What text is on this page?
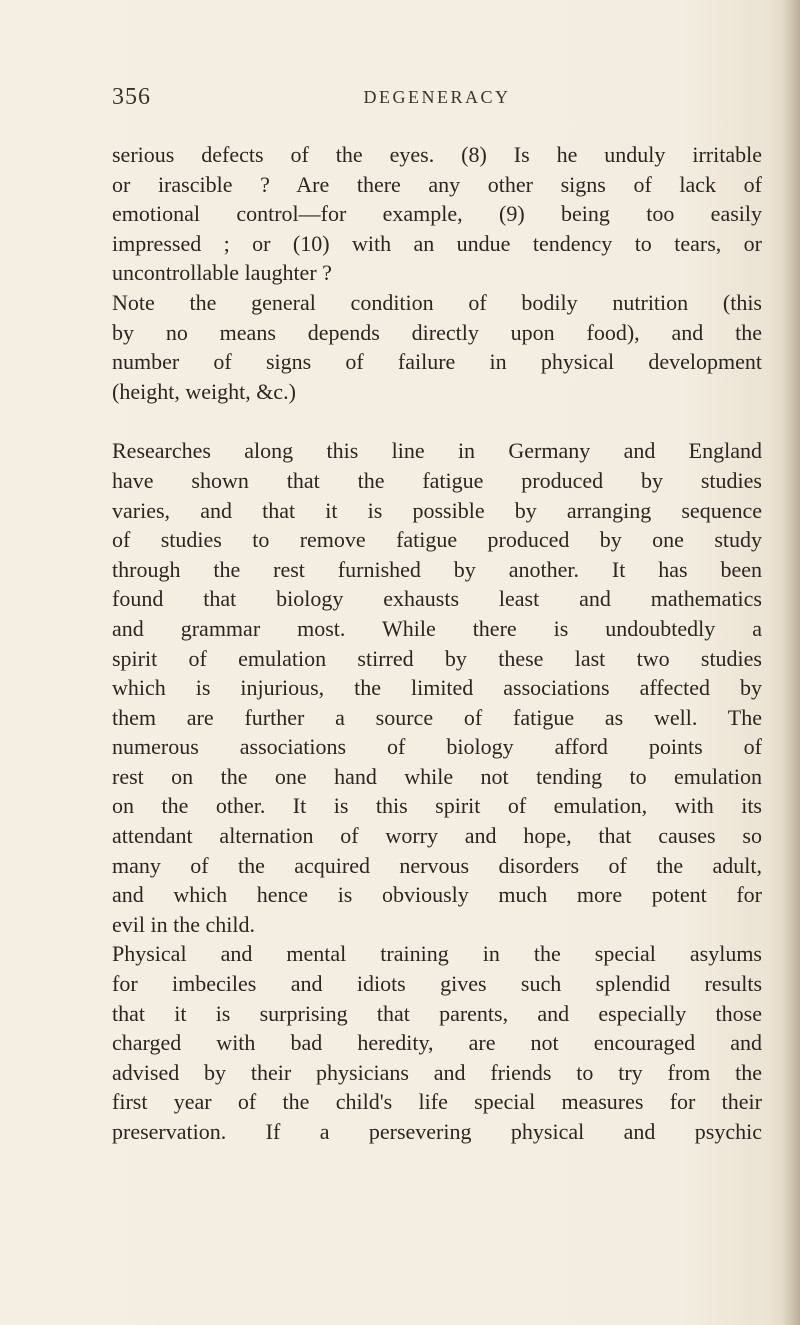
356	DEGENERACY
serious defects of the eyes. (8) Is he unduly irritable
or irascible ? Are there any other signs of lack of
emotional control—for example, (9) being too easily
impressed ; or (10) with an undue tendency to tears, or
uncontrollable laughter ?
Note the general condition of bodily nutrition (this
by no means depends directly upon food), and the
number of signs of failure in physical development
(height, weight, &c.)
Researches along this line in Germany and England
have shown that the fatigue produced by studies
varies, and that it is possible by arranging sequence
of studies to remove fatigue produced by one study
through the rest furnished by another. It has been
found that biology exhausts least and mathematics
and grammar most. While there is undoubtedly a
spirit of emulation stirred by these last two studies
which is injurious, the limited associations affected by
them are further a source of fatigue as well. The
numerous associations of biology afford points of
rest on the one hand while not tending to emulation
on the other. It is this spirit of emulation, with its
attendant alternation of worry and hope, that causes so
many of the acquired nervous disorders of the adult,
and which hence is obviously much more potent for
evil in the child.
Physical and mental training in the special asylums
for imbeciles and idiots gives such splendid results
that it is surprising that parents, and especially those
charged with bad heredity, are not encouraged and
advised by their physicians and friends to try from the
first year of the child's life special measures for their
preservation. If a persevering physical and psychic
